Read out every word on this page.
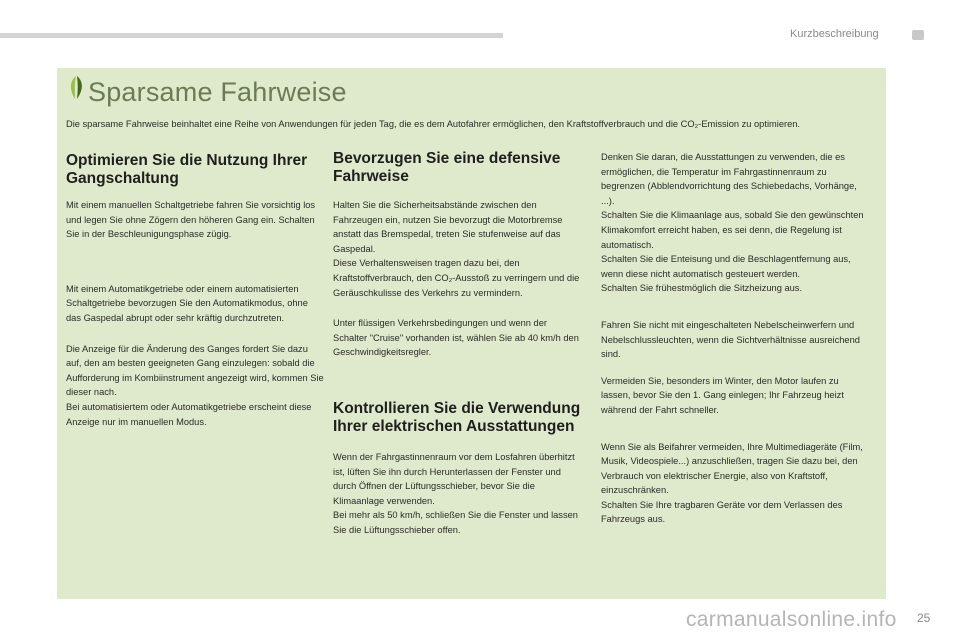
Kurzbeschreibung
Sparsame Fahrweise

Die sparsame Fahrweise beinhaltet eine Reihe von Anwendungen für jeden Tag, die es dem Autofahrer ermöglichen, den Kraftstoffverbrauch und die CO₂-Emission zu optimieren.

Optimieren Sie die Nutzung Ihrer Gangschaltung

Mit einem manuellen Schaltgetriebe fahren Sie vorsichtig los und legen Sie ohne Zögern den höheren Gang ein. Schalten Sie in der Beschleunigungsphase zügig.

Mit einem Automatikgetriebe oder einem automatisierten Schaltgetriebe bevorzugen Sie den Automatikmodus, ohne das Gaspedal abrupt oder sehr kräftig durchzutreten.

Die Anzeige für die Änderung des Ganges fordert Sie dazu auf, den am besten geeigneten Gang einzulegen: sobald die Aufforderung im Kombiinstrument angezeigt wird, kommen Sie dieser nach.

Bei automatisiertem oder Automatikgetriebe erscheint diese Anzeige nur im manuellen Modus.

Bevorzugen Sie eine defensive Fahrweise

Halten Sie die Sicherheitsabstände zwischen den Fahrzeugen ein, nutzen Sie bevorzugt die Motorbremse anstatt das Bremspedal, treten Sie stufenweise auf das Gaspedal.

Diese Verhaltensweisen tragen dazu bei, den Kraftstoffverbrauch, den CO₂-Ausstoß zu verringern und die Geräuschkulisse des Verkehrs zu vermindern.

Unter flüssigen Verkehrsbedingungen und wenn der Schalter "Cruise" vorhanden ist, wählen Sie ab 40 km/h den Geschwindigkeitsregler.

Kontrollieren Sie die Verwendung Ihrer elektrischen Ausstattungen

Wenn der Fahrgastinnenraum vor dem Losfahren überhitzt ist, lüften Sie ihn durch Herunterlassen der Fenster und durch Öffnen der Lüftungsschieber, bevor Sie die Klimaanlage verwenden.

Bei mehr als 50 km/h, schließen Sie die Fenster und lassen Sie die Lüftungsschieber offen.

Denken Sie daran, die Ausstattungen zu verwenden, die es ermöglichen, die Temperatur im Fahrgastinnenraum zu begrenzen (Abblendvorrichtung des Schiebedachs, Vorhänge, ...).

Schalten Sie die Klimaanlage aus, sobald Sie den gewünschten Klimakomfort erreicht haben, es sei denn, die Regelung ist automatisch.

Schalten Sie die Enteisung und die Beschlagentfernung aus, wenn diese nicht automatisch gesteuert werden.

Schalten Sie frühestmöglich die Sitzheizung aus.

Fahren Sie nicht mit eingeschalteten Nebelscheinwerfern und Nebelschlussleuchten, wenn die Sichtverhältnisse ausreichend sind.

Vermeiden Sie, besonders im Winter, den Motor laufen zu lassen, bevor Sie den 1. Gang einlegen; Ihr Fahrzeug heizt während der Fahrt schneller.

Wenn Sie als Beifahrer vermeiden, Ihre Multimediageräte (Film, Musik, Videospiele...) anzuschließen, tragen Sie dazu bei, den Verbrauch von elektrischer Energie, also von Kraftstoff, einzuschränken.

Schalten Sie Ihre tragbaren Geräte vor dem Verlassen des Fahrzeugs aus.

carmanualsonline.info 25
